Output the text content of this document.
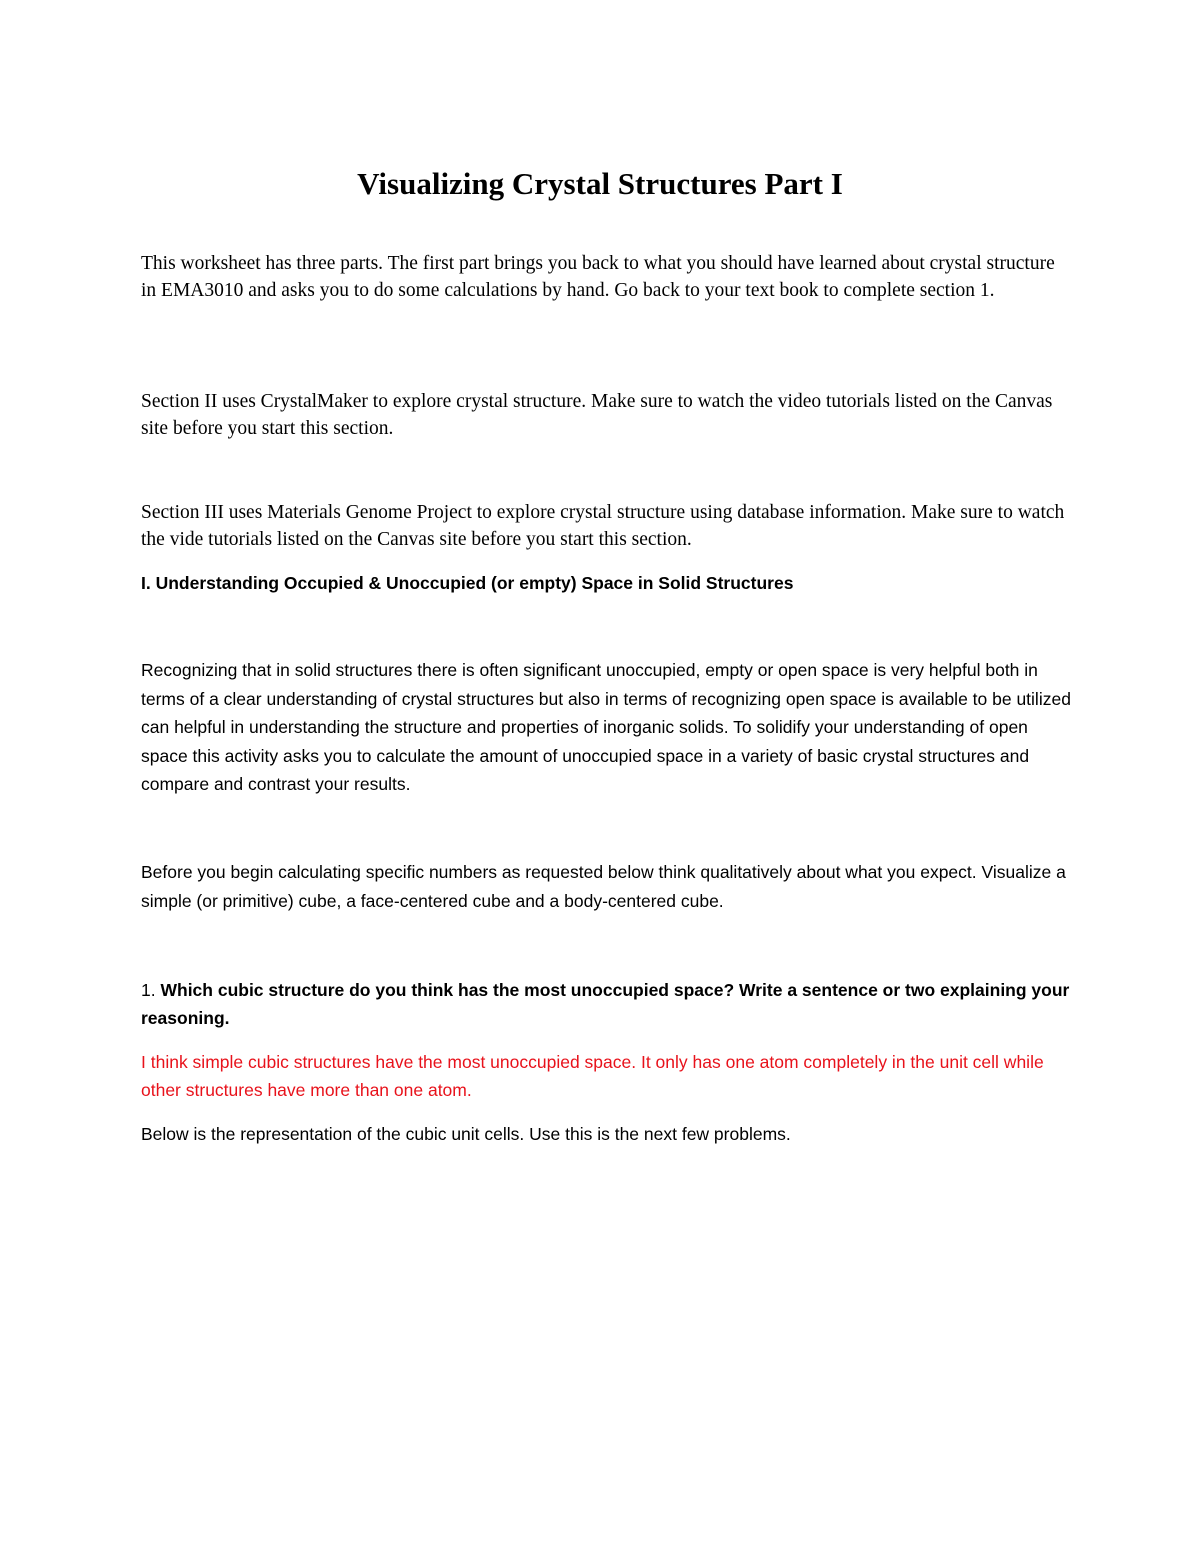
Visualizing Crystal Structures Part I

This worksheet has three parts. The first part brings you back to what you should have learned about crystal structure in EMA3010 and asks you to do some calculations by hand. Go back to your text book to complete section 1.

Section II uses CrystalMaker to explore crystal structure. Make sure to watch the video tutorials listed on the Canvas site before you start this section.

Section III uses Materials Genome Project to explore crystal structure using database information. Make sure to watch the vide tutorials listed on the Canvas site before you start this section.

I. Understanding Occupied & Unoccupied (or empty) Space in Solid Structures

Recognizing that in solid structures there is often significant unoccupied, empty or open space is very helpful both in terms of a clear understanding of crystal structures but also in terms of recognizing open space is available to be utilized can helpful in understanding the structure and properties of inorganic solids. To solidify your understanding of open space this activity asks you to calculate the amount of unoccupied space in a variety of basic crystal structures and compare and contrast your results.

Before you begin calculating specific numbers as requested below think qualitatively about what you expect. Visualize a simple (or primitive) cube, a face-centered cube and a body-centered cube.

1. Which cubic structure do you think has the most unoccupied space? Write a sentence or two explaining your reasoning.

I think simple cubic structures have the most unoccupied space. It only has one atom completely in the unit cell while other structures have more than one atom.

Below is the representation of the cubic unit cells. Use this is the next few problems.
